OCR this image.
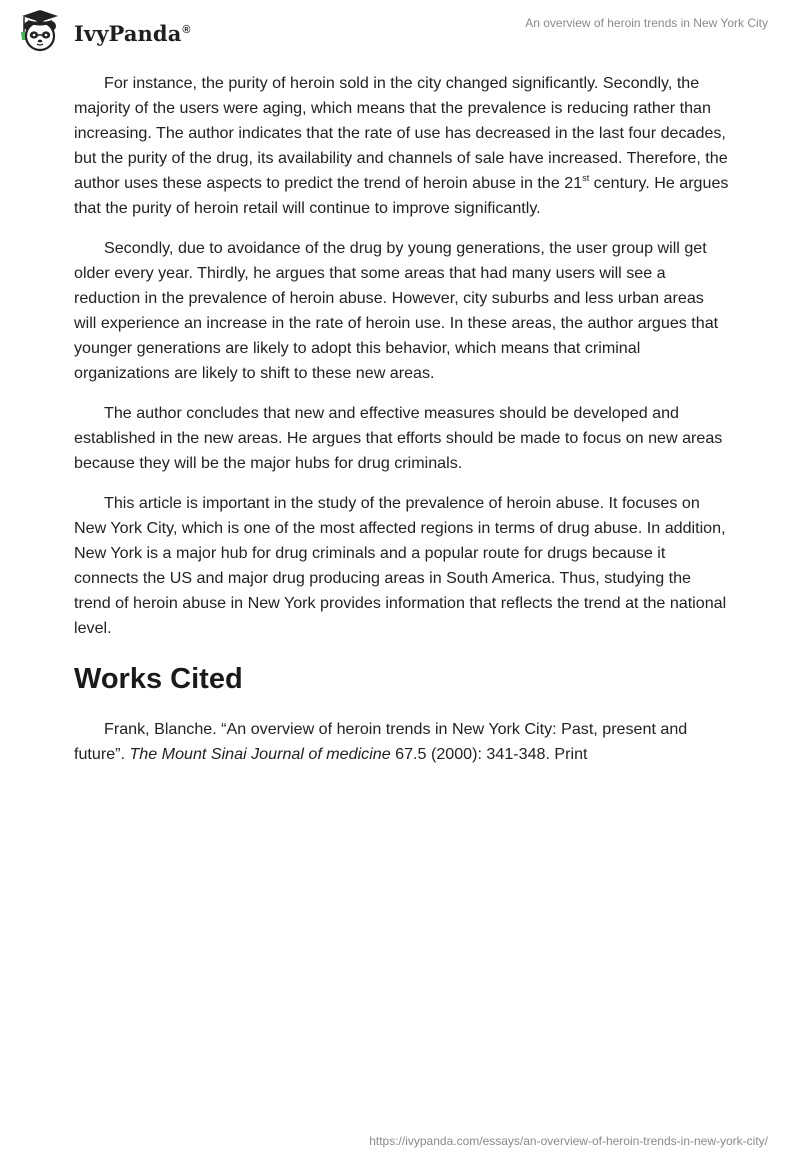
IvyPanda®	An overview of heroin trends in New York City

For instance, the purity of heroin sold in the city changed significantly. Secondly, the majority of the users were aging, which means that the prevalence is reducing rather than increasing. The author indicates that the rate of use has decreased in the last four decades, but the purity of the drug, its availability and channels of sale have increased. Therefore, the author uses these aspects to predict the trend of heroin abuse in the 21st century. He argues that the purity of heroin retail will continue to improve significantly.

Secondly, due to avoidance of the drug by young generations, the user group will get older every year. Thirdly, he argues that some areas that had many users will see a reduction in the prevalence of heroin abuse. However, city suburbs and less urban areas will experience an increase in the rate of heroin use. In these areas, the author argues that younger generations are likely to adopt this behavior, which means that criminal organizations are likely to shift to these new areas.

The author concludes that new and effective measures should be developed and established in the new areas. He argues that efforts should be made to focus on new areas because they will be the major hubs for drug criminals.

This article is important in the study of the prevalence of heroin abuse. It focuses on New York City, which is one of the most affected regions in terms of drug abuse. In addition, New York is a major hub for drug criminals and a popular route for drugs because it connects the US and major drug producing areas in South America. Thus, studying the trend of heroin abuse in New York provides information that reflects the trend at the national level.

Works Cited

Frank, Blanche. “An overview of heroin trends in New York City: Past, present and future”. The Mount Sinai Journal of medicine 67.5 (2000): 341-348. Print

https://ivypanda.com/essays/an-overview-of-heroin-trends-in-new-york-city/
